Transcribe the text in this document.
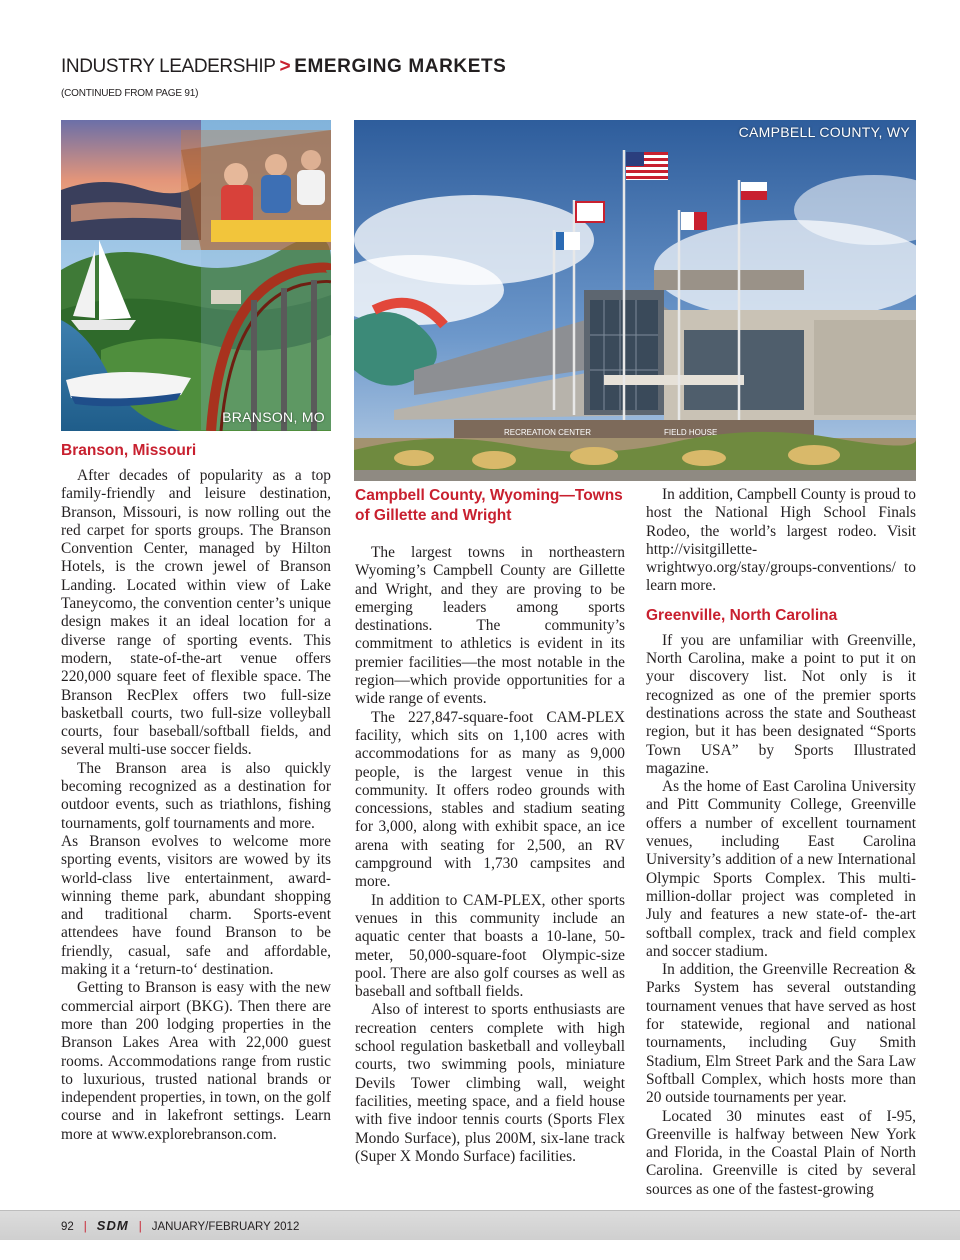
INDUSTRY LEADERSHIP > EMERGING MARKETS
(CONTINUED FROM PAGE 91)
BRANSON, MO
RECREATION CENTER	FIELD HOUSE
CAMPBELL COUNTY, WY
Branson, Missouri

After decades of popularity as a top family-friendly and leisure destination, Branson, Missouri, is now rolling out the red carpet for sports groups. The Branson Convention Center, managed by Hilton Hotels, is the crown jewel of Branson Landing. Located within view of Lake Taneycomo, the convention center’s unique design makes it an ideal location for a diverse range of sporting events. This modern, state-of-the-art venue offers 220,000 square feet of flexible space. The Branson RecPlex offers two full-size basketball courts, two full-size volleyball courts, four baseball/softball fields, and several multi-use soccer fields.

The Branson area is also quickly becoming recognized as a destination for outdoor events, such as triathlons, fishing tournaments, golf tournaments and more.

As Branson evolves to welcome more sporting events, visitors are wowed by its world-class live entertainment, award-winning theme park, abundant shopping and traditional charm. Sports-event attendees have found Branson to be friendly, casual, safe and affordable, making it a ‘return-to‘ destination.

Getting to Branson is easy with the new commercial airport (BKG). Then there are more than 200 lodging properties in the Branson Lakes Area with 22,000 guest rooms. Accommodations range from rustic to luxurious, trusted national brands or independent properties, in town, on the golf course and in lakefront settings. Learn more at www.explorebranson.com.

Campbell County, Wyoming—Towns of Gillette and Wright

The largest towns in northeastern Wyoming’s Campbell County are Gillette and Wright, and they are proving to be emerging leaders among sports destinations. The community’s commitment to athletics is evident in its premier facilities—the most notable in the region—which provide opportunities for a wide range of events.

The 227,847-square-foot CAM-PLEX facility, which sits on 1,100 acres with accommodations for as many as 9,000 people, is the largest venue in this community. It offers rodeo grounds with concessions, stables and stadium seating for 3,000, along with exhibit space, an ice arena with seating for 2,500, an RV campground with 1,730 campsites and more.

In addition to CAM-PLEX, other sports venues in this community include an aquatic center that boasts a 10-lane, 50-meter, 50,000-square-foot Olympic-size pool. There are also golf courses as well as baseball and softball fields.

Also of interest to sports enthusiasts are recreation centers complete with high school regulation basketball and volleyball courts, two swimming pools, miniature Devils Tower climbing wall, weight facilities, meeting space, and a field house with five indoor tennis courts (Sports Flex Mondo Surface), plus 200M, six-lane track (Super X Mondo Surface) facilities.

In addition, Campbell County is proud to host the National High School Finals Rodeo, the world’s largest rodeo. Visit http://visitgillette-wrightwyo.org/stay/groups-conventions/ to learn more.

Greenville, North Carolina

If you are unfamiliar with Greenville, North Carolina, make a point to put it on your discovery list. Not only is it recognized as one of the premier sports destinations across the state and Southeast region, but it has been designated “Sports Town USA” by Sports Illustrated magazine.

As the home of East Carolina University and Pitt Community College, Greenville offers a number of excellent tournament venues, including East Carolina University’s addition of a new International Olympic Sports Complex. This multi-million-dollar project was completed in July and features a new state-of- the-art softball complex, track and field complex and soccer stadium.

In addition, the Greenville Recreation & Parks System has several outstanding tournament venues that have served as host for statewide, regional and national tournaments, including Guy Smith Stadium, Elm Street Park and the Sara Law Softball Complex, which hosts more than 20 outside tournaments per year.

Located 30 minutes east of I-95, Greenville is halfway between New York and Florida, in the Coastal Plain of North Carolina. Greenville is cited by several sources as one of the fastest-growing

92 | SDM | JANUARY/FEBRUARY 2012
